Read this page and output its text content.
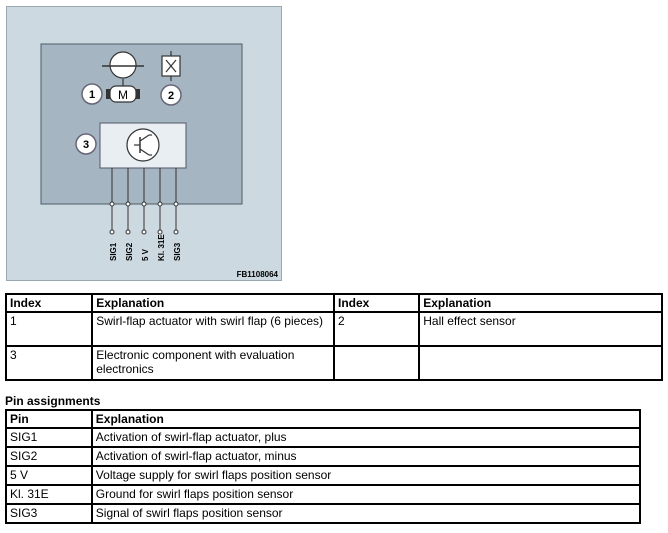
M
1	2
3
SIG1 SIG2 5 V Kl. 31E SIG3
FB1108064
Index	Explanation	Index	Explanation
1	Swirl-flap actuator with swirl flap (6 pieces)	2	Hall effect sensor
3	Electronic component with evaluation electronics		
Pin assignments
Pin	Explanation
SIG1	Activation of swirl-flap actuator, plus
SIG2	Activation of swirl-flap actuator, minus
5 V	Voltage supply for swirl flaps position sensor
Kl. 31E	Ground for swirl flaps position sensor
SIG3	Signal of swirl flaps position sensor
